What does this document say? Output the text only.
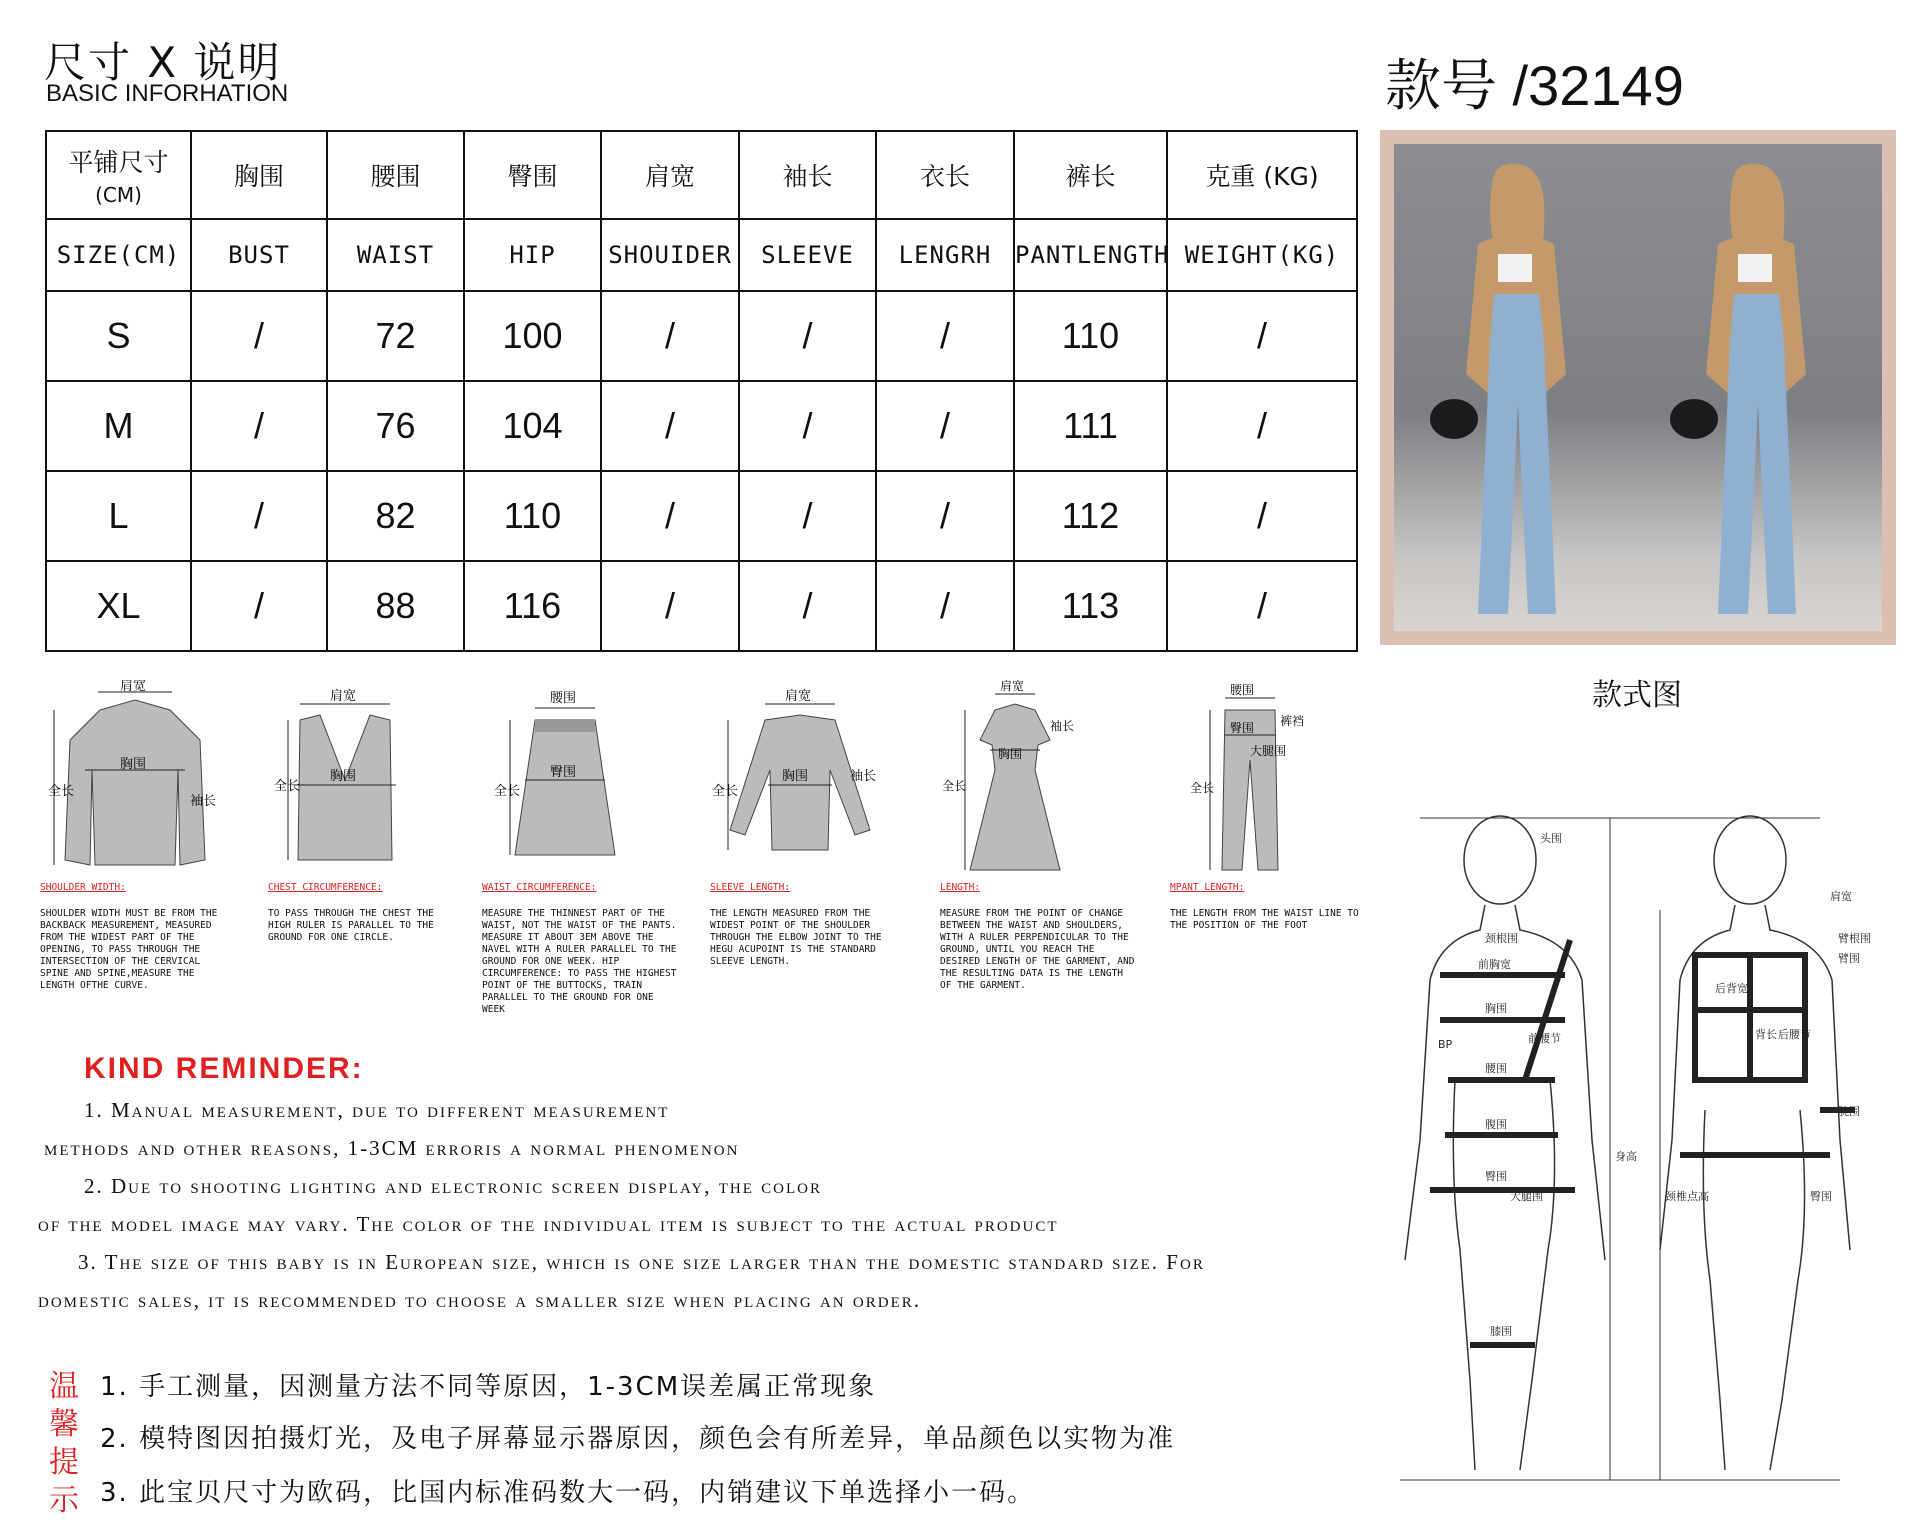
尺寸 X 说明
BASIC INFORHATION	款号 /32149
平铺尺寸
(CM)	胸围	腰围	臀围	肩宽	袖长	衣长	裤长	克重 (KG)
SIZE(CM)	BUST	WAIST	HIP	SHOUIDER	SLEEVE	LENGRH	PANTLENGTH	WEIGHT(KG)
S	/	72	100	/	/	/	110	/
M	/	76	104	/	/	/	111	/
L	/	82	110	/	/	/	112	/
XL	/	88	116	/	/	/	113	/
款式图
肩宽
胸围
全长
袖长
肩宽
胸围
全长
腰围
臀围
全长
肩宽
胸围
全长
袖长
肩宽
袖长
胸围
全长
腰围
裤裆
臀围
大腿围
全长
SHOULDER WIDTH:
SHOULDER WIDTH MUST BE FROM THE BACKBACK MEASUREMENT, MEASURED FROM THE WIDEST PART OF THE OPENING, TO PASS THROUGH THE INTERSECTION OF THE CERVICAL SPINE AND SPINE,MEASURE THE LENGTH OFTHE CURVE.
CHEST CIRCUMFERENCE:
TO PASS THROUGH THE CHEST THE HIGH RULER IS PARALLEL TO THE GROUND FOR ONE CIRCLE.
WAIST CIRCUMFERENCE:
MEASURE THE THINNEST PART OF THE WAIST, NOT THE WAIST OF THE PANTS. MEASURE IT ABOUT 3EM ABOVE THE NAVEL WITH A RULER PARALLEL TO THE GROUND FOR ONE WEEK. HIP CIRCUMFERENCE: TO PASS THE HIGHEST POINT OF THE BUTTOCKS, TRAIN PARALLEL TO THE GROUND FOR ONE WEEK
SLEEVE LENGTH:
THE LENGTH MEASURED FROM THE WIDEST POINT OF THE SHOULDER THROUGH THE ELBOW JOINT TO THE HEGU ACUPOINT IS THE STANDARD SLEEVE LENGTH.
LENGTH:
MEASURE FROM THE POINT OF CHANGE BETWEEN THE WAIST AND SHOULDERS, WITH A RULER PERPENDICULAR TO THE GROUND, UNTIL YOU REACH THE DESIRED LENGTH OF THE GARMENT, AND THE RESULTING DATA IS THE LENGTH OF THE GARMENT.
MPANT LENGTH:
THE LENGTH FROM THE WAIST LINE TO THE POSITION OF THE FOOT
KIND REMINDER:
1. Manual measurement, due to different measurement
methods and other reasons, 1-3CM erroris a normal phenomenon
2. Due to shooting lighting and electronic screen display, the color
of the model image may vary. The color of the individual item is subject to the actual product
3. The size of this baby is in European size, which is one size larger than the domestic standard size. For
domestic sales, it is recommended to choose a smaller size when placing an order.
温
馨
提
示
1. 手工测量，因测量方法不同等原因，1-3CM误差属正常现象
2. 模特图因拍摄灯光，及电子屏幕显示器原因，颜色会有所差异，单品颜色以实物为准
3. 此宝贝尺寸为欧码，比国内标准码数大一码，内销建议下单选择小一码。
头围
颈根围
前胸宽
胸围
BP	前腰节
腰围
腹围
臀围
大腿围
膝围
身高
肩宽
臂根围
臂围
后背宽
背长 后腰节
腕围
颈椎点高	臀围
